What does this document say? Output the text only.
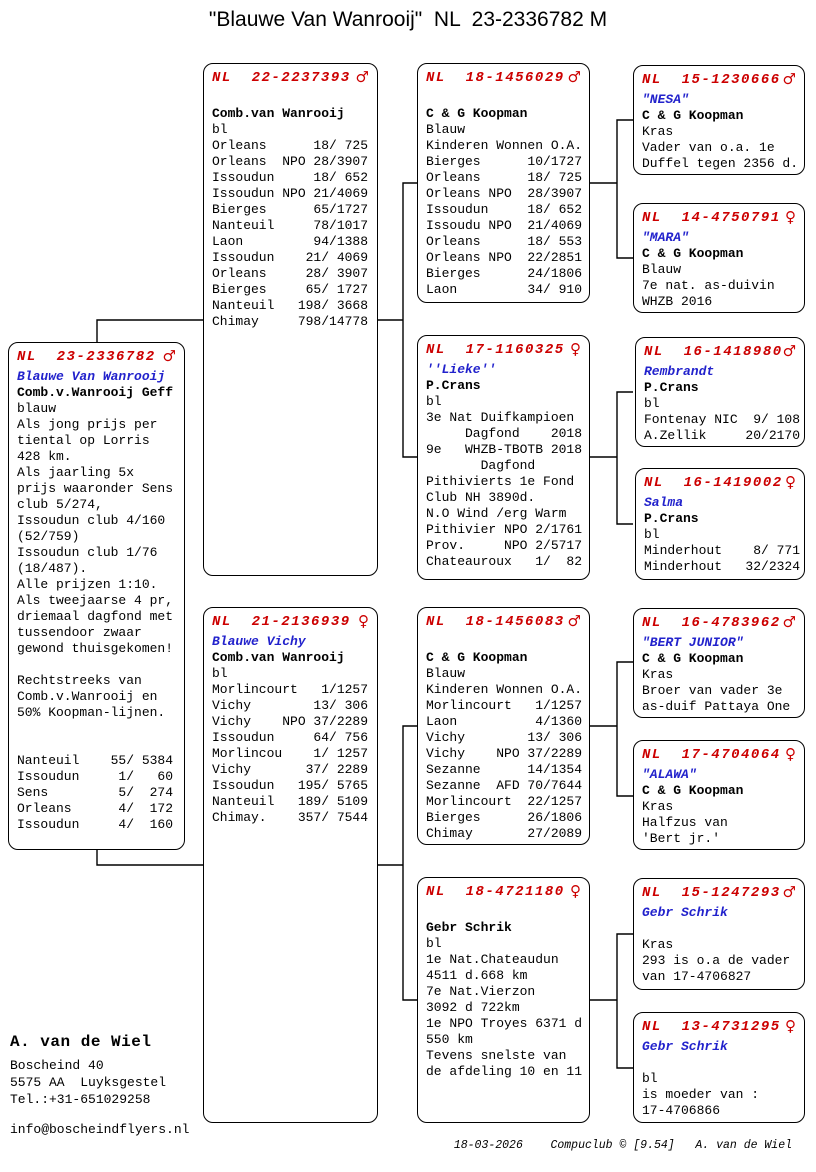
"Blauwe Van Wanrooij"  NL  23-2336782 M
NL  23-2336782 ♂
Blauwe Van Wanrooij
Comb.v.Wanrooij Geff
blauw
Als jong prijs per
tiental op Lorris
428 km.
Als jaarling 5x
prijs waaronder Sens
club 5/274,
Issoudun club 4/160
(52/759)
Issoudun club 1/76
(18/487).
Alle prijzen 1:10.
Als tweejaarse 4 pr,
driemaal dagfond met
tussendoor zwaar
gewond thuisgekomen!

Rechtstreeks van
Comb.v.Wanrooij en
50% Koopman-lijnen.

Nanteuil    55/ 5384
Issoudun     1/   60
Sens         5/  274
Orleans      4/  172
Issoudun     4/  160
NL  22-2237393 ♂

Comb.van Wanrooij
bl
Orleans      18/ 725
Orleans  NPO 28/3907
Issoudun     18/ 652
Issoudun NPO 21/4069
Bierges      65/1727
Nanteuil     78/1017
Laon         94/1388
Issoudun    21/ 4069
Orleans     28/ 3907
Bierges     65/ 1727
Nanteuil   198/ 3668
Chimay     798/14778
NL  21-2136939 ♀
Blauwe Vichy
Comb.van Wanrooij
bl
Morlincourt   1/1257
Vichy        13/ 306
Vichy    NPO 37/2289
Issoudun     64/ 756
Morlincou    1/ 1257
Vichy       37/ 2289
Issoudun   195/ 5765
Nanteuil   189/ 5109
Chimay.    357/ 7544
NL  18-1456029 ♂

C & G Koopman
Blauw
Kinderen Wonnen O.A.
Bierges      10/1727
Orleans      18/ 725
Orleans NPO  28/3907
Issoudun     18/ 652
Issoudu NPO  21/4069
Orleans      18/ 553
Orleans NPO  22/2851
Bierges      24/1806
Laon         34/ 910
NL  17-1160325 ♀
''Lieke''
P.Crans
bl
3e Nat Duifkampioen
Dagfond    2018
9e   WHZB-TBOTB 2018
Dagfond
Pithivierts 1e Fond
Club NH 3890d.
N.O Wind /erg Warm
Pithivier NPO 2/1761
Prov.     NPO 2/5717
Chateauroux   1/  82
NL  18-1456083 ♂

C & G Koopman
Blauw
Kinderen Wonnen O.A.
Morlincourt   1/1257
Laon          4/1360
Vichy        13/ 306
Vichy    NPO 37/2289
Sezanne      14/1354
Sezanne  AFD 70/7644
Morlincourt  22/1257
Bierges      26/1806
Chimay       27/2089
NL  18-4721180 ♀

Gebr Schrik
bl
1e Nat.Chateaudun
4511 d.668 km
7e Nat.Vierzon
3092 d 722km
1e NPO Troyes 6371 d
550 km
Tevens snelste van
de afdeling 10 en 11
NL  15-1230666 ♂
"NESA"
C & G Koopman
Kras
Vader van o.a. 1e
Duffel tegen 2356 d.
NL  14-4750791 ♀
"MARA"
C & G Koopman
Blauw
7e nat. as-duivin
WHZB 2016
NL  16-1418980 ♂
Rembrandt
P.Crans
bl
Fontenay NIC  9/ 108
A.Zellik     20/2170
NL  16-1419002 ♀
Salma
P.Crans
bl
Minderhout    8/ 771
Minderhout   32/2324
NL  16-4783962 ♂
"BERT JUNIOR"
C & G Koopman
Kras
Broer van vader 3e
as-duif Pattaya One
NL  17-4704064 ♀
"ALAWA"
C & G Koopman
Kras
Halfzus van
'Bert jr.'
NL  15-1247293 ♂
Gebr Schrik

Kras
293 is o.a de vader
van 17-4706827
NL  13-4731295 ♀
Gebr Schrik

bl
is moeder van :
17-4706866
A. van de Wiel
Boscheind 40
5575 AA  Luyksgestel
Tel.:+31-651029258
info@boscheindflyers.nl
18-03-2026    Compuclub © [9.54]   A. van de Wiel
